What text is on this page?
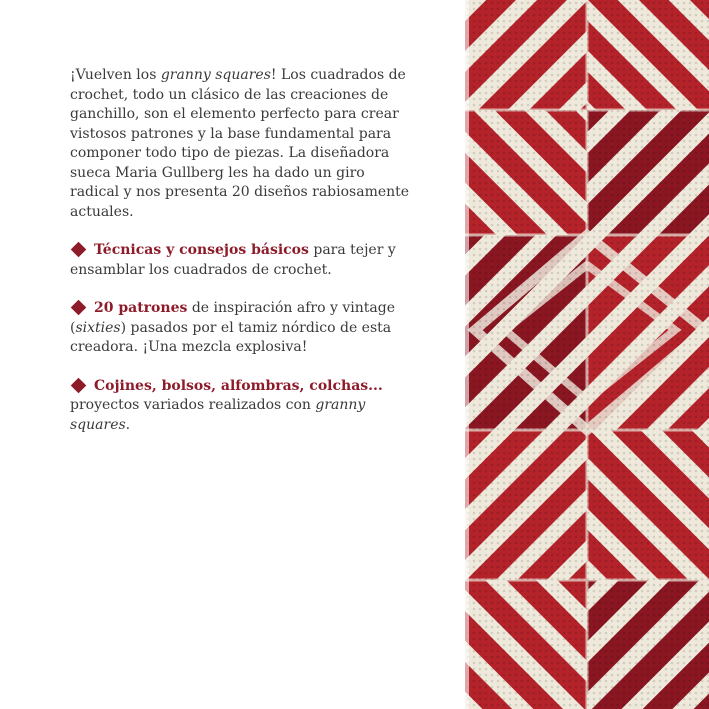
¡Vuelven los granny squares! Los cuadrados de crochet, todo un clásico de las creaciones de ganchillo, son el elemento perfecto para crear vistosos patrones y la base fundamental para componer todo tipo de piezas. La diseñadora sueca Maria Gullberg les ha dado un giro radical y nos presenta 20 diseños rabiosamente actuales.

Técnicas y consejos básicos para tejer y ensamblar los cuadrados de crochet.

20 patrones de inspiración afro y vintage (sixties) pasados por el tamiz nórdico de esta creadora. ¡Una mezcla explosiva!

Cojines, bolsos, alfombras, colchas... proyectos variados realizados con granny squares.
